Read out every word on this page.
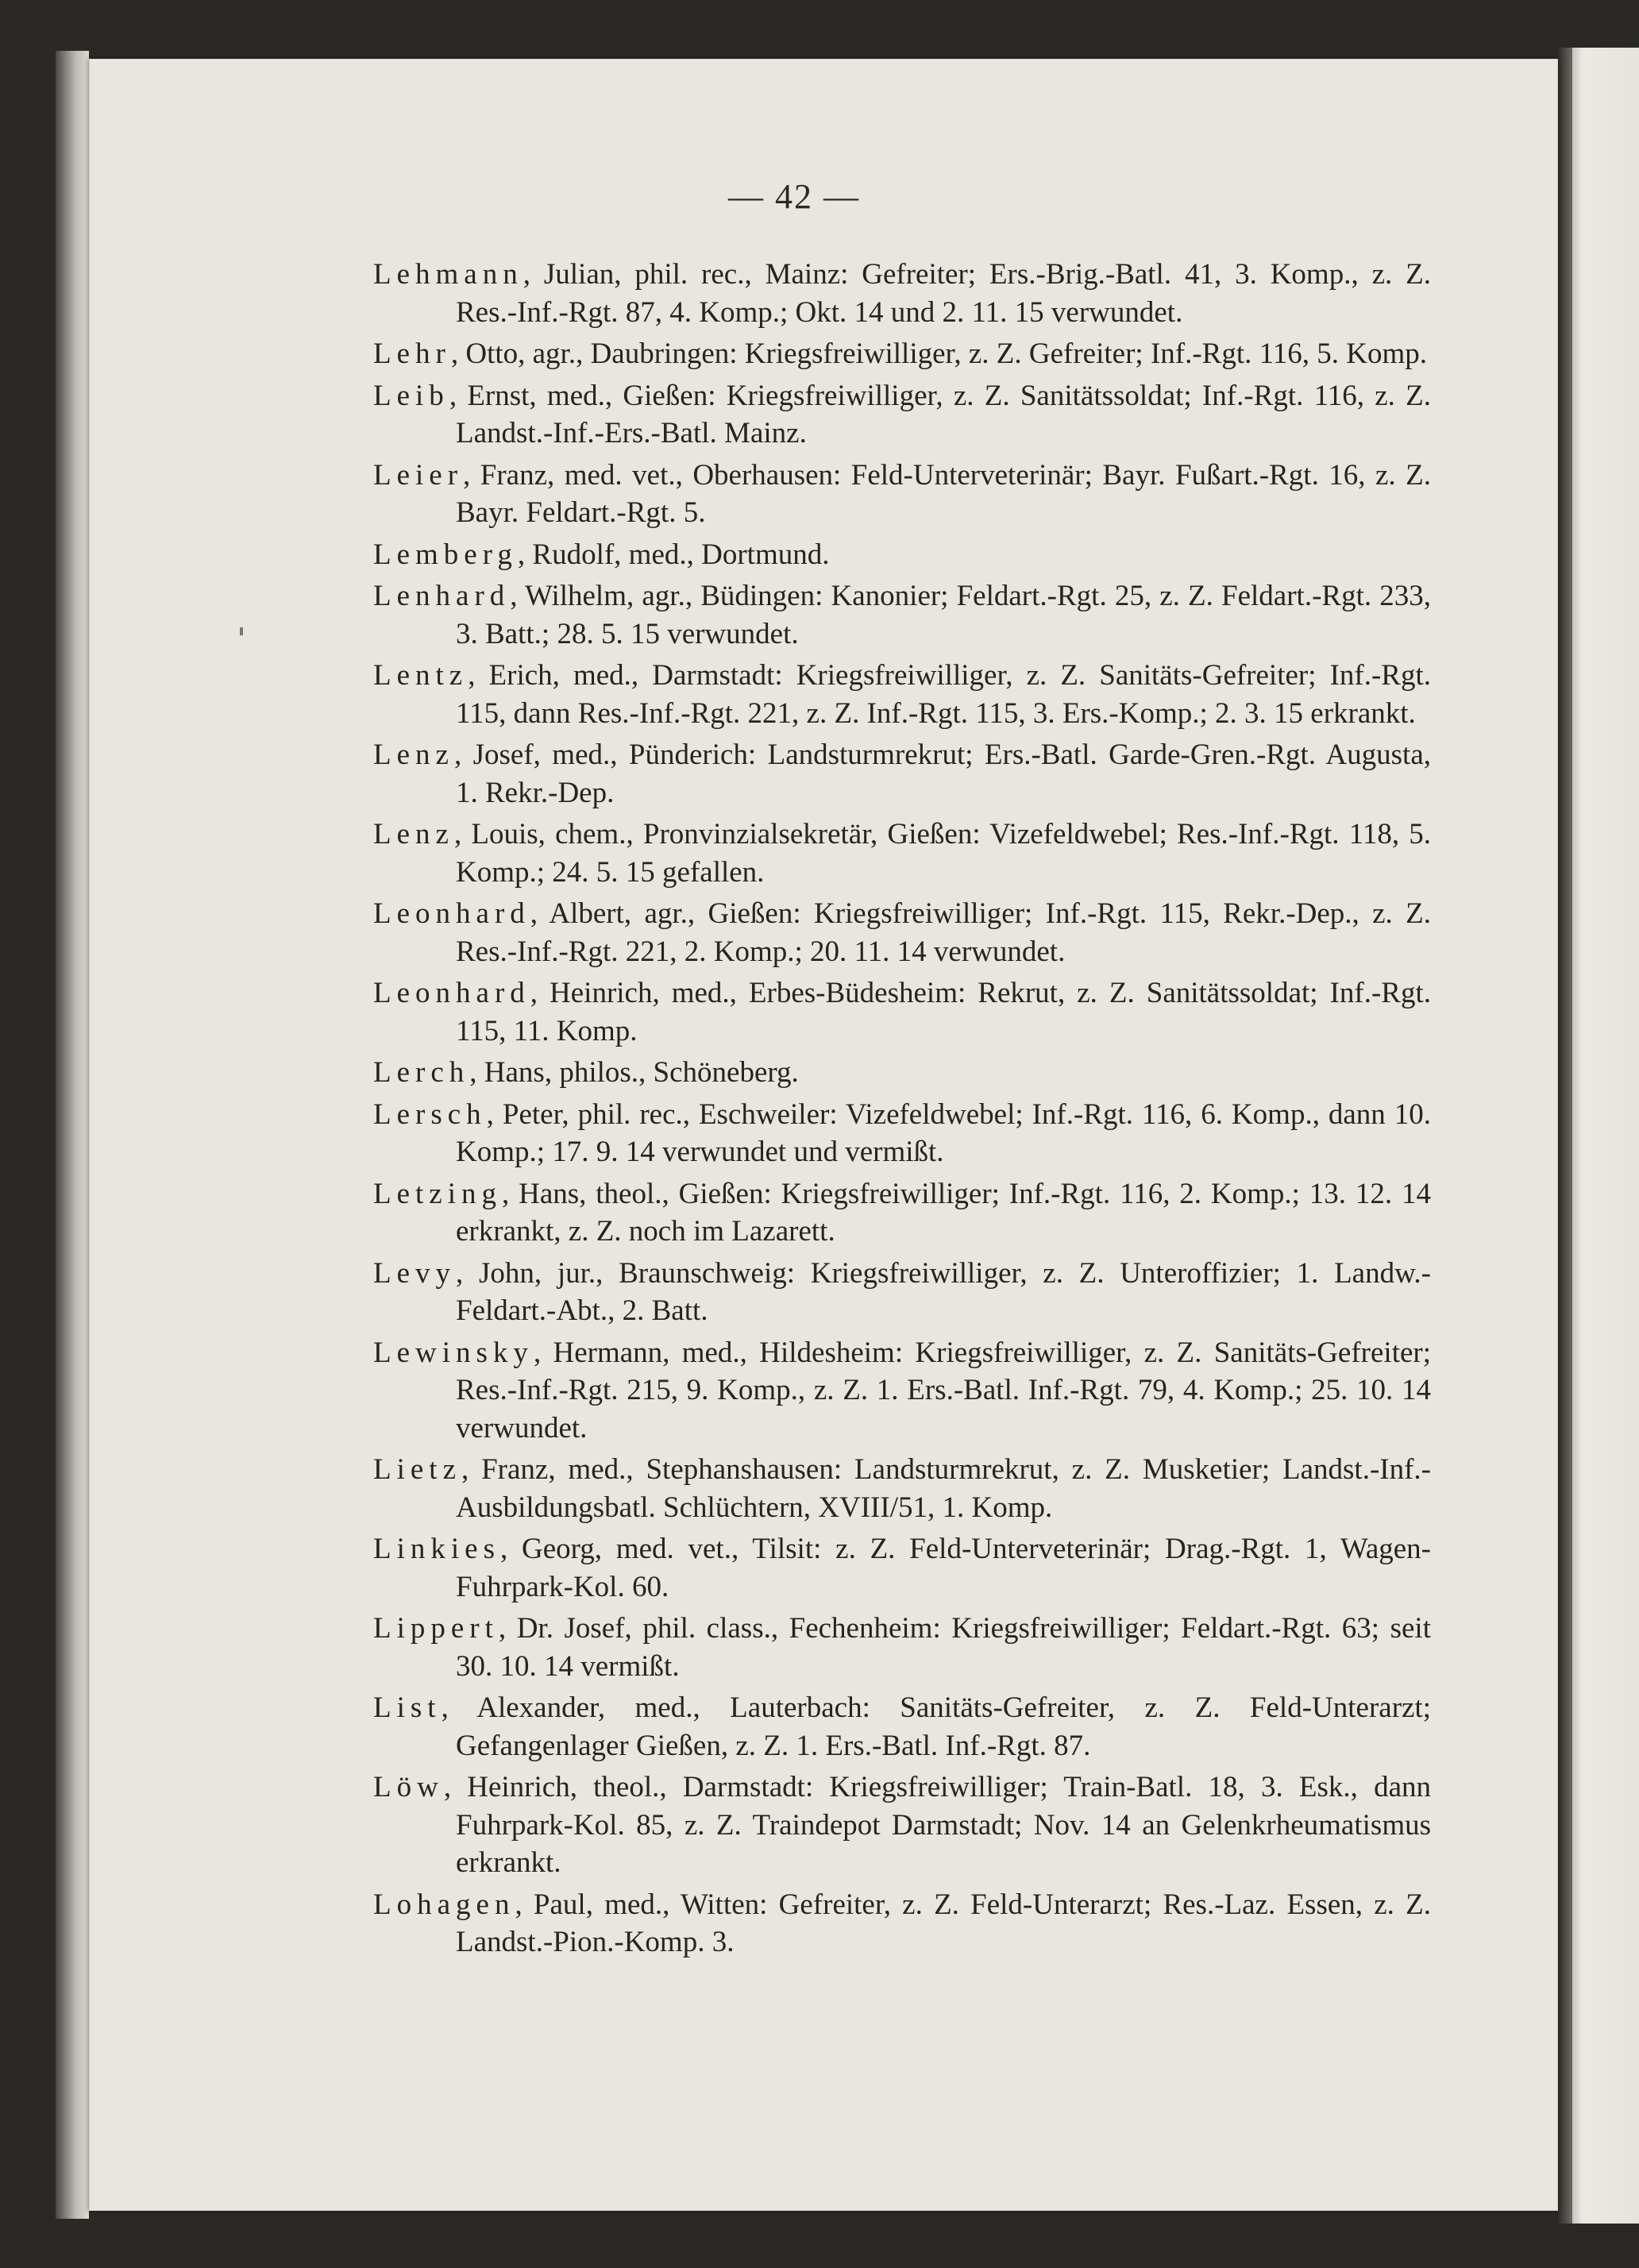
— 42 —

Lehmann, Julian, phil. rec., Mainz: Gefreiter; Ers.-Brig.-Batl. 41, 3. Komp., z. Z. Res.-Inf.-Rgt. 87, 4. Komp.; Okt. 14 und 2. 11. 15 verwundet.

Lehr, Otto, agr., Daubringen: Kriegsfreiwilliger, z. Z. Gefreiter; Inf.-Rgt. 116, 5. Komp.

Leib, Ernst, med., Gießen: Kriegsfreiwilliger, z. Z. Sanitätssoldat; Inf.-Rgt. 116, z. Z. Landst.-Inf.-Ers.-Batl. Mainz.

Leier, Franz, med. vet., Oberhausen: Feld-Unterveterinär; Bayr. Fußart.-Rgt. 16, z. Z. Bayr. Feldart.-Rgt. 5.

Lemberg, Rudolf, med., Dortmund.

Lenhard, Wilhelm, agr., Büdingen: Kanonier; Feldart.-Rgt. 25, z. Z. Feldart.-Rgt. 233, 3. Batt.; 28. 5. 15 verwundet.

Lentz, Erich, med., Darmstadt: Kriegsfreiwilliger, z. Z. Sanitäts-Gefreiter; Inf.-Rgt. 115, dann Res.-Inf.-Rgt. 221, z. Z. Inf.-Rgt. 115, 3. Ers.-Komp.; 2. 3. 15 erkrankt.

Lenz, Josef, med., Pünderich: Landsturmrekrut; Ers.-Batl. Garde-Gren.-Rgt. Augusta, 1. Rekr.-Dep.

Lenz, Louis, chem., Pronvinzialsekretär, Gießen: Vizefeldwebel; Res.-Inf.-Rgt. 118, 5. Komp.; 24. 5. 15 gefallen.

Leonhard, Albert, agr., Gießen: Kriegsfreiwilliger; Inf.-Rgt. 115, Rekr.-Dep., z. Z. Res.-Inf.-Rgt. 221, 2. Komp.; 20. 11. 14 verwundet.

Leonhard, Heinrich, med., Erbes-Büdesheim: Rekrut, z. Z. Sanitätssoldat; Inf.-Rgt. 115, 11. Komp.

Lerch, Hans, philos., Schöneberg.

Lersch, Peter, phil. rec., Eschweiler: Vizefeldwebel; Inf.-Rgt. 116, 6. Komp., dann 10. Komp.; 17. 9. 14 verwundet und vermißt.

Letzing, Hans, theol., Gießen: Kriegsfreiwilliger; Inf.-Rgt. 116, 2. Komp.; 13. 12. 14 erkrankt, z. Z. noch im Lazarett.

Levy, John, jur., Braunschweig: Kriegsfreiwilliger, z. Z. Unteroffizier; 1. Landw.-Feldart.-Abt., 2. Batt.

Lewinsky, Hermann, med., Hildesheim: Kriegsfreiwilliger, z. Z. Sanitäts-Gefreiter; Res.-Inf.-Rgt. 215, 9. Komp., z. Z. 1. Ers.-Batl. Inf.-Rgt. 79, 4. Komp.; 25. 10. 14 verwundet.

Lietz, Franz, med., Stephanshausen: Landsturmrekrut, z. Z. Musketier; Landst.-Inf.-Ausbildungsbatl. Schlüchtern, XVIII/51, 1. Komp.

Linkies, Georg, med. vet., Tilsit: z. Z. Feld-Unterveterinär; Drag.-Rgt. 1, Wagen-Fuhrpark-Kol. 60.

Lippert, Dr. Josef, phil. class., Fechenheim: Kriegsfreiwilliger; Feldart.-Rgt. 63; seit 30. 10. 14 vermißt.

List, Alexander, med., Lauterbach: Sanitäts-Gefreiter, z. Z. Feld-Unterarzt; Gefangenlager Gießen, z. Z. 1. Ers.-Batl. Inf.-Rgt. 87.

Löw, Heinrich, theol., Darmstadt: Kriegsfreiwilliger; Train-Batl. 18, 3. Esk., dann Fuhrpark-Kol. 85, z. Z. Traindepot Darmstadt; Nov. 14 an Gelenkrheumatismus erkrankt.

Lohagen, Paul, med., Witten: Gefreiter, z. Z. Feld-Unterarzt; Res.-Laz. Essen, z. Z. Landst.-Pion.-Komp. 3.
